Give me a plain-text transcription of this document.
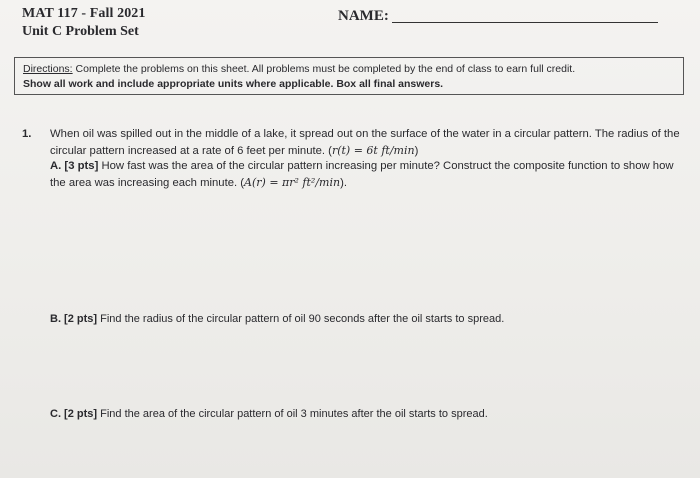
MAT 117 - Fall 2021
Unit C Problem Set
NAME:
Directions: Complete the problems on this sheet. All problems must be completed by the end of class to earn full credit.
Show all work and include appropriate units where applicable. Box all final answers.
1. When oil was spilled out in the middle of a lake, it spread out on the surface of the water in a circular pattern. The radius of the circular pattern increased at a rate of 6 feet per minute. (r(t) = 6t ft/min)
A. [3 pts] How fast was the area of the circular pattern increasing per minute? Construct the composite function to show how the area was increasing each minute. (A(r) = πr² ft²/min).
B. [2 pts] Find the radius of the circular pattern of oil 90 seconds after the oil starts to spread.
C. [2 pts] Find the area of the circular pattern of oil 3 minutes after the oil starts to spread.
